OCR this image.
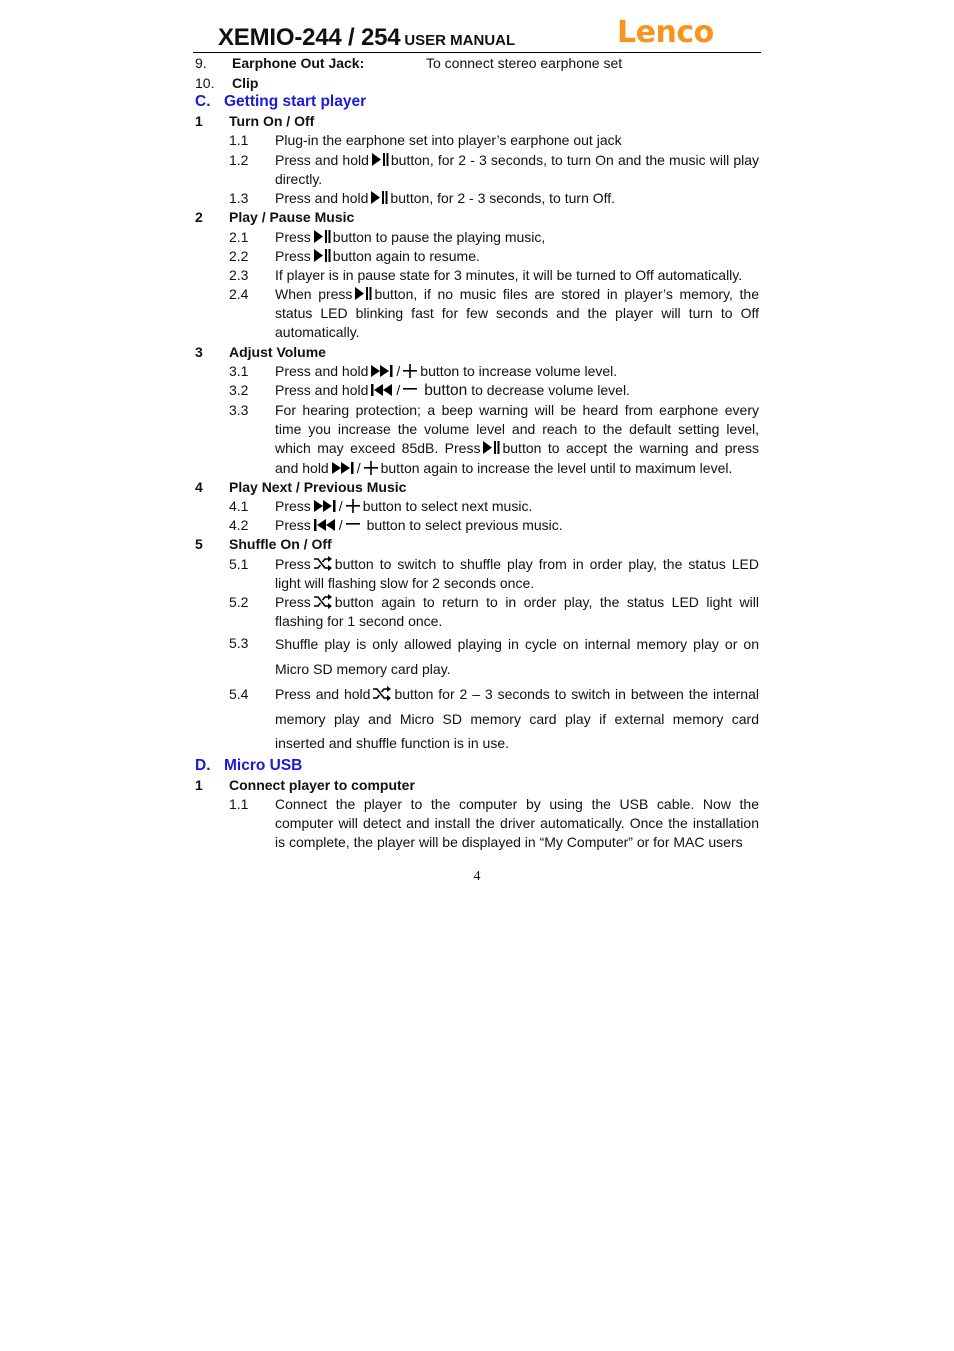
XEMIO-244 / 254 USER MANUAL	Lenco
9. Earphone Out Jack:	To connect stereo earphone set
10. Clip
C. Getting start player
1 Turn On / Off
1.1 Plug-in the earphone set into player’s earphone out jack
1.2 Press and hold button, for 2 - 3 seconds, to turn On and the music will play directly.
1.3 Press and hold button, for 2 - 3 seconds, to turn Off.
2 Play / Pause Music
2.1 Press button to pause the playing music,
2.2 Press button again to resume.
2.3 If player is in pause state for 3 minutes, it will be turned to Off automatically.
2.4 When press button, if no music files are stored in player’s memory, the status LED blinking fast for few seconds and the player will turn to Off automatically.
3 Adjust Volume
3.1 Press and hold / button to increase volume level.
3.2 Press and hold / button to decrease volume level.
3.3 For hearing protection; a beep warning will be heard from earphone every time you increase the volume level and reach to the default setting level, which may exceed 85dB. Press button to accept the warning and press and hold / button again to increase the level until to maximum level.
4 Play Next / Previous Music
4.1 Press / button to select next music.
4.2 Press / button to select previous music.
5 Shuffle On / Off
5.1 Press button to switch to shuffle play from in order play, the status LED light will flashing slow for 2 seconds once.
5.2 Press button again to return to in order play, the status LED light will flashing for 1 second once.
5.3 Shuffle play is only allowed playing in cycle on internal memory play or on Micro SD memory card play.
5.4 Press and hold button for 2 – 3 seconds to switch in between the internal memory play and Micro SD memory card play if external memory card inserted and shuffle function is in use.
D. Micro USB
1 Connect player to computer
1.1 Connect the player to the computer by using the USB cable. Now the computer will detect and install the driver automatically. Once the installation is complete, the player will be displayed in “My Computer” or for MAC users
4
